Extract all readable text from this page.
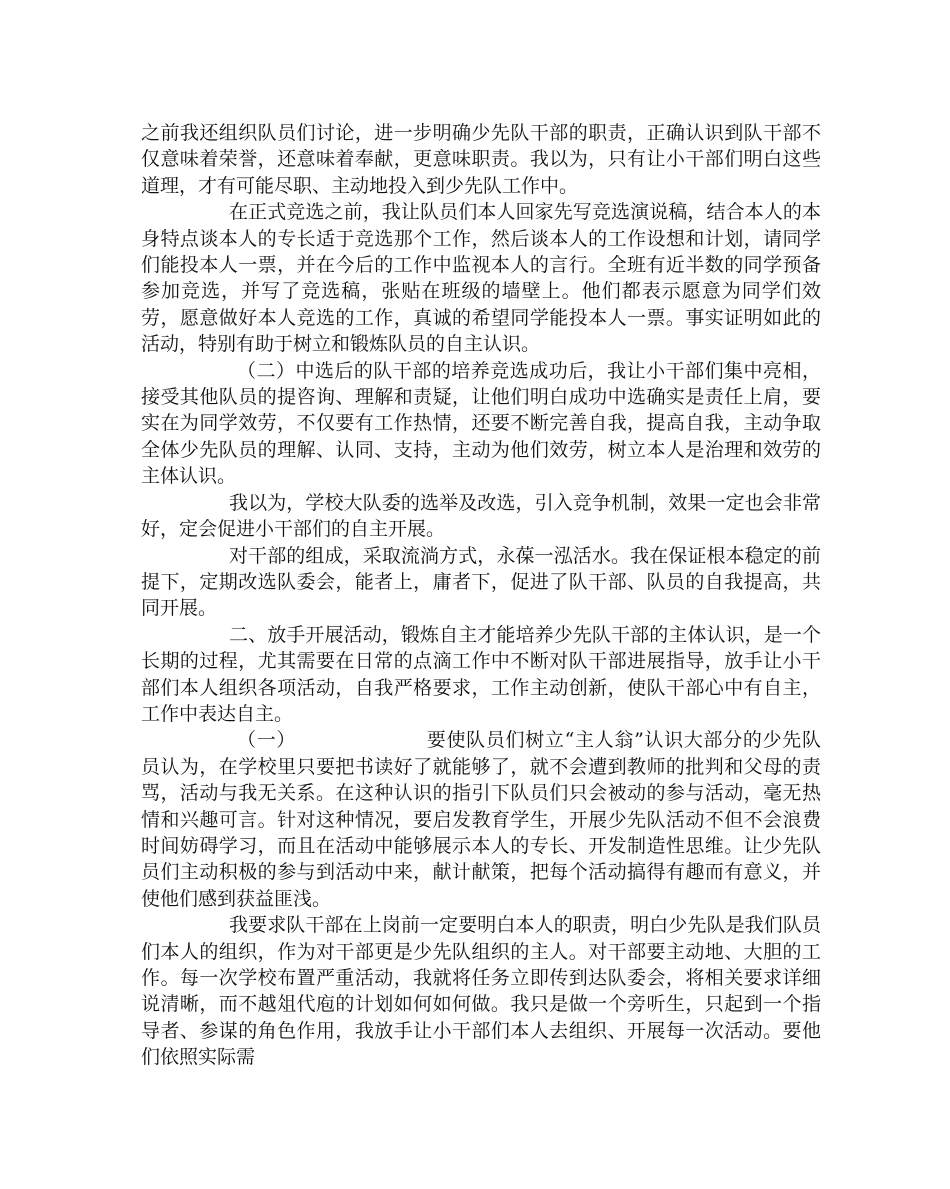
之前我还组织队员们讨论，进一步明确少先队干部的职责，正确认识到队干部不仅意味着荣誉，还意味着奉献，更意味职责。我以为，只有让小干部们明白这些道理，才有可能尽职、主动地投入到少先队工作中。

在正式竞选之前，我让队员们本人回家先写竞选演说稿，结合本人的本身特点谈本人的专长适于竞选那个工作，然后谈本人的工作设想和计划，请同学们能投本人一票，并在今后的工作中监视本人的言行。全班有近半数的同学预备参加竞选，并写了竞选稿，张贴在班级的墙壁上。他们都表示愿意为同学们效劳，愿意做好本人竞选的工作，真诚的希望同学能投本人一票。事实证明如此的活动，特别有助于树立和锻炼队员的自主认识。

（二）中选后的队干部的培养竞选成功后，我让小干部们集中亮相，接受其他队员的提咨询、理解和责疑，让他们明白成功中选确实是责任上肩，要实在为同学效劳，不仅要有工作热情，还要不断完善自我，提高自我，主动争取全体少先队员的理解、认同、支持，主动为他们效劳，树立本人是治理和效劳的主体认识。

我以为，学校大队委的选举及改选，引入竞争机制，效果一定也会非常好，定会促进小干部们的自主开展。

对干部的组成，采取流淌方式，永葆一泓活水。我在保证根本稳定的前提下，定期改选队委会，能者上，庸者下，促进了队干部、队员的自我提高，共同开展。

二、放手开展活动，锻炼自主才能培养少先队干部的主体认识，是一个长期的过程，尤其需要在日常的点滴工作中不断对队干部进展指导，放手让小干部们本人组织各项活动，自我严格要求，工作主动创新，使队干部心中有自主，工作中表达自主。

（一）	要使队员们树立“主人翁”认识大部分的少先队员认为，在学校里只要把书读好了就能够了，就不会遭到教师的批判和父母的责骂，活动与我无关系。在这种认识的指引下队员们只会被动的参与活动，毫无热情和兴趣可言。针对这种情况，要启发教育学生，开展少先队活动不但不会浪费时间妨碍学习，而且在活动中能够展示本人的专长、开发制造性思维。让少先队员们主动积极的参与到活动中来，献计献策，把每个活动搞得有趣而有意义，并使他们感到获益匪浅。

我要求队干部在上岗前一定要明白本人的职责，明白少先队是我们队员们本人的组织，作为对干部更是少先队组织的主人。对干部要主动地、大胆的工作。每一次学校布置严重活动，我就将任务立即传到达队委会，将相关要求详细说清晰，而不越俎代庖的计划如何如何做。我只是做一个旁听生，只起到一个指导者、参谋的角色作用，我放手让小干部们本人去组织、开展每一次活动。要他们依照实际需
